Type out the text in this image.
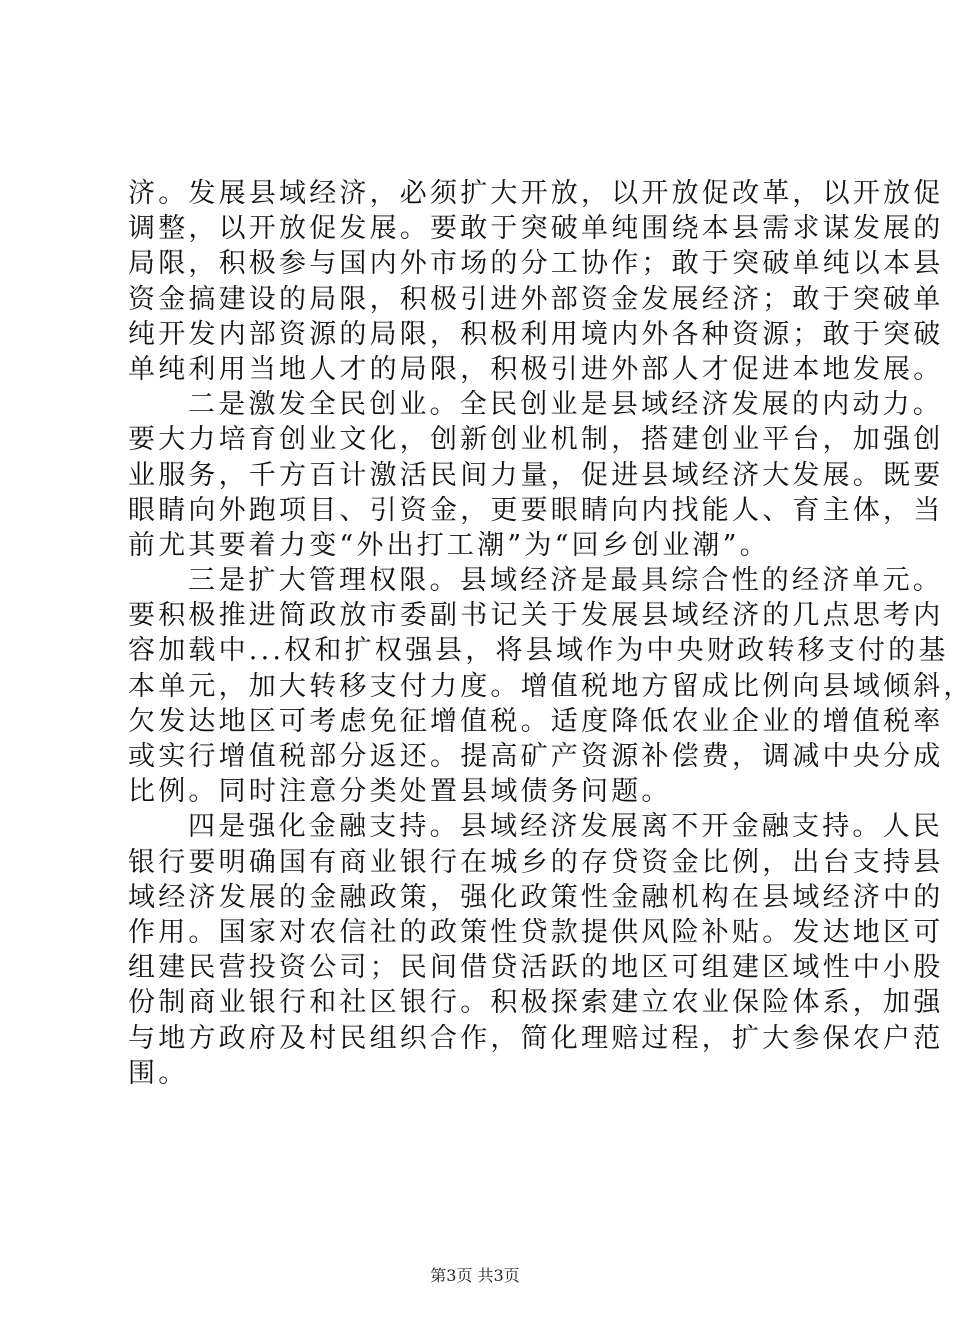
济。发展县域经济，必须扩大开放，以开放促改革，以开放促
调整，以开放促发展。要敢于突破单纯围绕本县需求谋发展的
局限，积极参与国内外市场的分工协作；敢于突破单纯以本县
资金搞建设的局限，积极引进外部资金发展经济；敢于突破单
纯开发内部资源的局限，积极利用境内外各种资源；敢于突破
单纯利用当地人才的局限，积极引进外部人才促进本地发展。
二是激发全民创业。全民创业是县域经济发展的内动力。
要大力培育创业文化，创新创业机制，搭建创业平台，加强创
业服务，千方百计激活民间力量，促进县域经济大发展。既要
眼睛向外跑项目、引资金，更要眼睛向内找能人、育主体，当
前尤其要着力变“外出打工潮”为“回乡创业潮”。
三是扩大管理权限。县域经济是最具综合性的经济单元。
要积极推进简政放市委副书记关于发展县域经济的几点思考内
容加载中...权和扩权强县，将县域作为中央财政转移支付的基
本单元，加大转移支付力度。增值税地方留成比例向县域倾斜，
欠发达地区可考虑免征增值税。适度降低农业企业的增值税率
或实行增值税部分返还。提高矿产资源补偿费，调减中央分成
比例。同时注意分类处置县域债务问题。
四是强化金融支持。县域经济发展离不开金融支持。人民
银行要明确国有商业银行在城乡的存贷资金比例，出台支持县
域经济发展的金融政策，强化政策性金融机构在县域经济中的
作用。国家对农信社的政策性贷款提供风险补贴。发达地区可
组建民营投资公司；民间借贷活跃的地区可组建区域性中小股
份制商业银行和社区银行。积极探索建立农业保险体系，加强
与地方政府及村民组织合作，简化理赔过程，扩大参保农户范
围。
第3页 共3页
